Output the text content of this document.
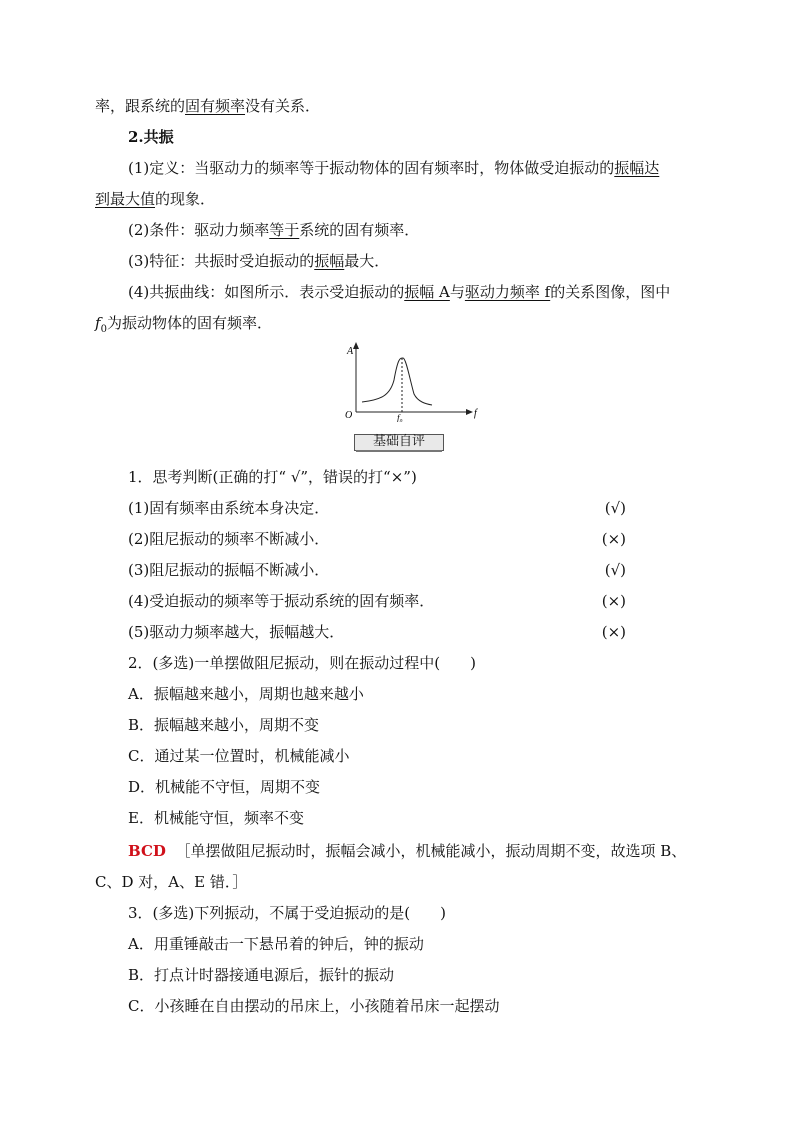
率，跟系统的固有频率没有关系．
2.共振
(1)定义：当驱动力的频率等于振动物体的固有频率时，物体做受迫振动的振幅达
到最大值的现象．
(2)条件：驱动力频率等于系统的固有频率．
(3)特征：共振时受迫振动的振幅最大．
(4)共振曲线：如图所示．表示受迫振动的振幅 A与驱动力频率 f的关系图像，图中
$f_0$为振动物体的固有频率．
A
f
O	f₀
基础自评
1．思考判断(正确的打“ √”，错误的打“×”)
(1)固有频率由系统本身决定．	(√)
(2)阻尼振动的频率不断减小．	(×)
(3)阻尼振动的振幅不断减小．	(√)
(4)受迫振动的频率等于振动系统的固有频率．	(×)
(5)驱动力频率越大，振幅越大．	(×)
2．(多选)一单摆做阻尼振动，则在振动过程中(　　)
A．振幅越来越小，周期也越来越小
B．振幅越来越小，周期不变
C．通过某一位置时，机械能减小
D．机械能不守恒，周期不变
E．机械能守恒，频率不变
BCD ［单摆做阻尼振动时，振幅会减小，机械能减小，振动周期不变，故选项 B、
C、D 对，A、E 错．］
3．(多选)下列振动，不属于受迫振动的是(　　)
A．用重锤敲击一下悬吊着的钟后，钟的振动
B．打点计时器接通电源后，振针的振动
C．小孩睡在自由摆动的吊床上，小孩随着吊床一起摆动
